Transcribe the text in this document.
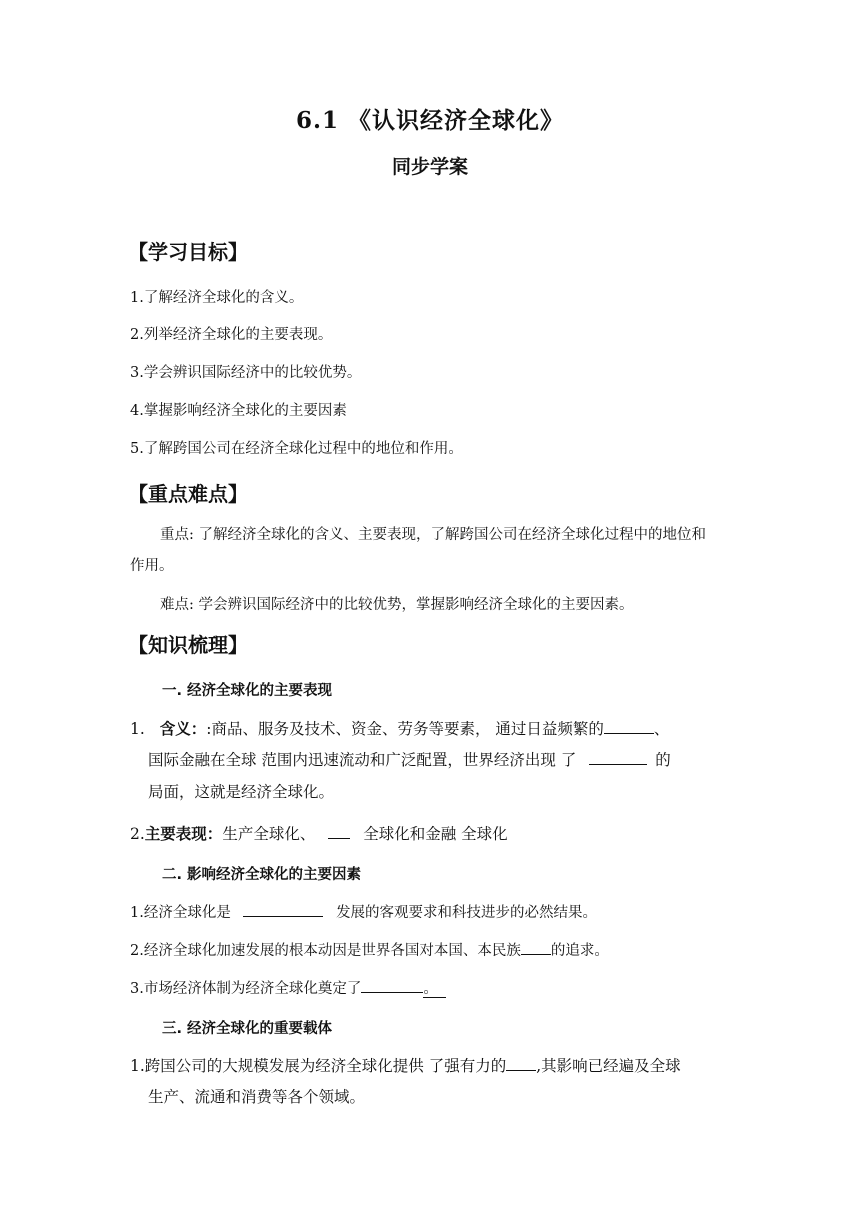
6.1 《认识经济全球化》
同步学案
【学习目标】
1.了解经济全球化的含义。
2.列举经济全球化的主要表现。
3.学会辨识国际经济中的比较优势。
4.掌握影响经济全球化的主要因素
5.了解跨国公司在经济全球化过程中的地位和作用。
【重点难点】
重点: 了解经济全球化的含义、主要表现，了解跨国公司在经济全球化过程中的地位和
作用。
难点: 学会辨识国际经济中的比较优势，掌握影响经济全球化的主要因素。
【知识梳理】
一. 经济全球化的主要表现
1. 含义：:商品、服务及技术、资金、劳务等要素， 通过日益频繁的	、
国际金融在全球 范围内迅速流动和广泛配置，世界经济出现 了	的
局面，这就是经济全球化。
2.主要表现：生产全球化、	全球化和金融 全球化
二. 影响经济全球化的主要因素
1.经济全球化是	发展的客观要求和科技进步的必然结果。
2.经济全球化加速发展的根本动因是世界各国对本国、本民族 的追求。
3.市场经济体制为经济全球化奠定了	。
三. 经济全球化的重要载体
1.跨国公司的大规模发展为经济全球化提供 了强有力的 ,其影响已经遍及全球
生产、流通和消费等各个领域。
